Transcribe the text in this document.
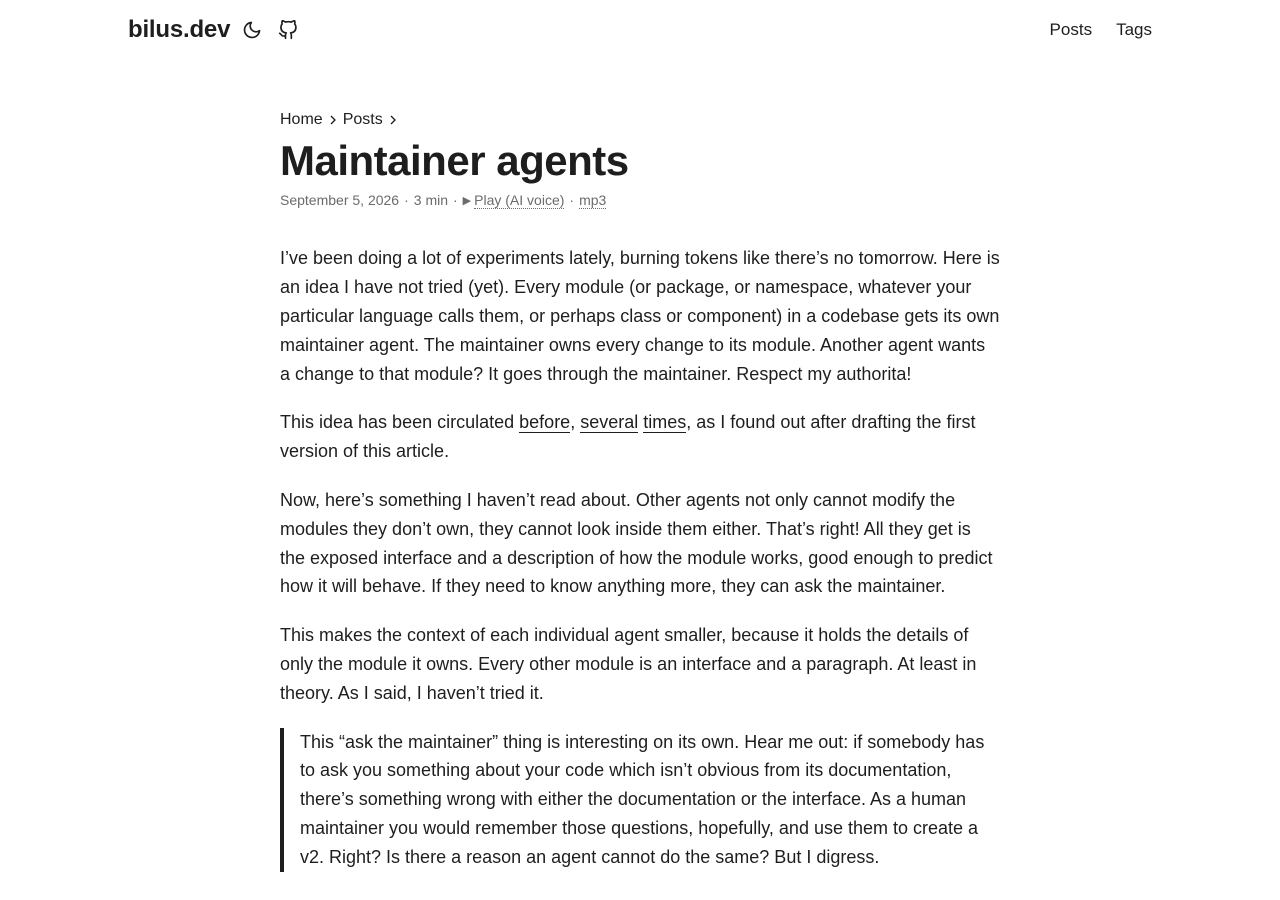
bilus.dev	Posts Tags
Home Posts
Maintainer agents
September 5, 2026 · 3 min · ▶ Play (AI voice) · mp3

I’ve been doing a lot of experiments lately, burning tokens like there’s no tomorrow. Here is an idea I have not tried (yet). Every module (or package, or namespace, whatever your particular language calls them, or perhaps class or component) in a codebase gets its own maintainer agent. The maintainer owns every change to its module. Another agent wants a change to that module? It goes through the maintainer. Respect my authorita!

This idea has been circulated before, several times, as I found out after drafting the first version of this article.

Now, here’s something I haven’t read about. Other agents not only cannot modify the modules they don’t own, they cannot look inside them either. That’s right! All they get is the exposed interface and a description of how the module works, good enough to predict how it will behave. If they need to know anything more, they can ask the maintainer.

This makes the context of each individual agent smaller, because it holds the details of only the module it owns. Every other module is an interface and a paragraph. At least in theory. As I said, I haven’t tried it.

This “ask the maintainer” thing is interesting on its own. Hear me out: if somebody has to ask you something about your code which isn’t obvious from its documentation, there’s something wrong with either the documentation or the interface. As a human maintainer you would remember those questions, hopefully, and use them to create a v2. Right? Is there a reason an agent cannot do the same? But I digress.
